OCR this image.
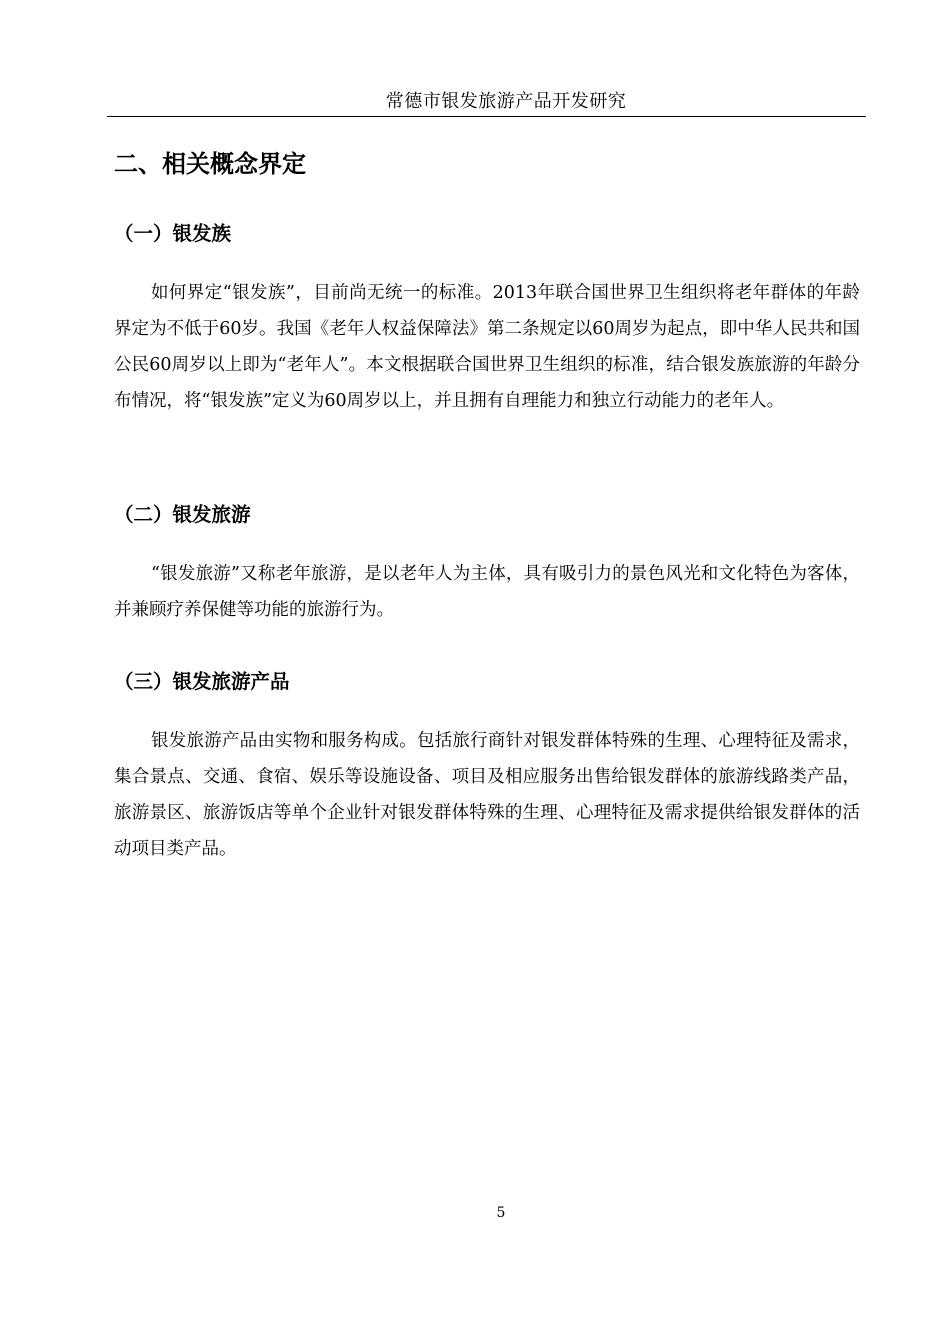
常德市银发旅游产品开发研究
二、相关概念界定
（一）银发族

如何界定“银发族”，目前尚无统一的标准。2013年联合国世界卫生组织将老年群体的年龄界定为不低于60岁。我国《老年人权益保障法》第二条规定以60周岁为起点，即中华人民共和国公民60周岁以上即为“老年人”。本文根据联合国世界卫生组织的标准，结合银发族旅游的年龄分布情况，将“银发族”定义为60周岁以上，并且拥有自理能力和独立行动能力的老年人。

（二）银发旅游

“银发旅游”又称老年旅游，是以老年人为主体，具有吸引力的景色风光和文化特色为客体，并兼顾疗养保健等功能的旅游行为。

（三）银发旅游产品

银发旅游产品由实物和服务构成。包括旅行商针对银发群体特殊的生理、心理特征及需求，集合景点、交通、食宿、娱乐等设施设备、项目及相应服务出售给银发群体的旅游线路类产品，旅游景区、旅游饭店等单个企业针对银发群体特殊的生理、心理特征及需求提供给银发群体的活动项目类产品。

5
